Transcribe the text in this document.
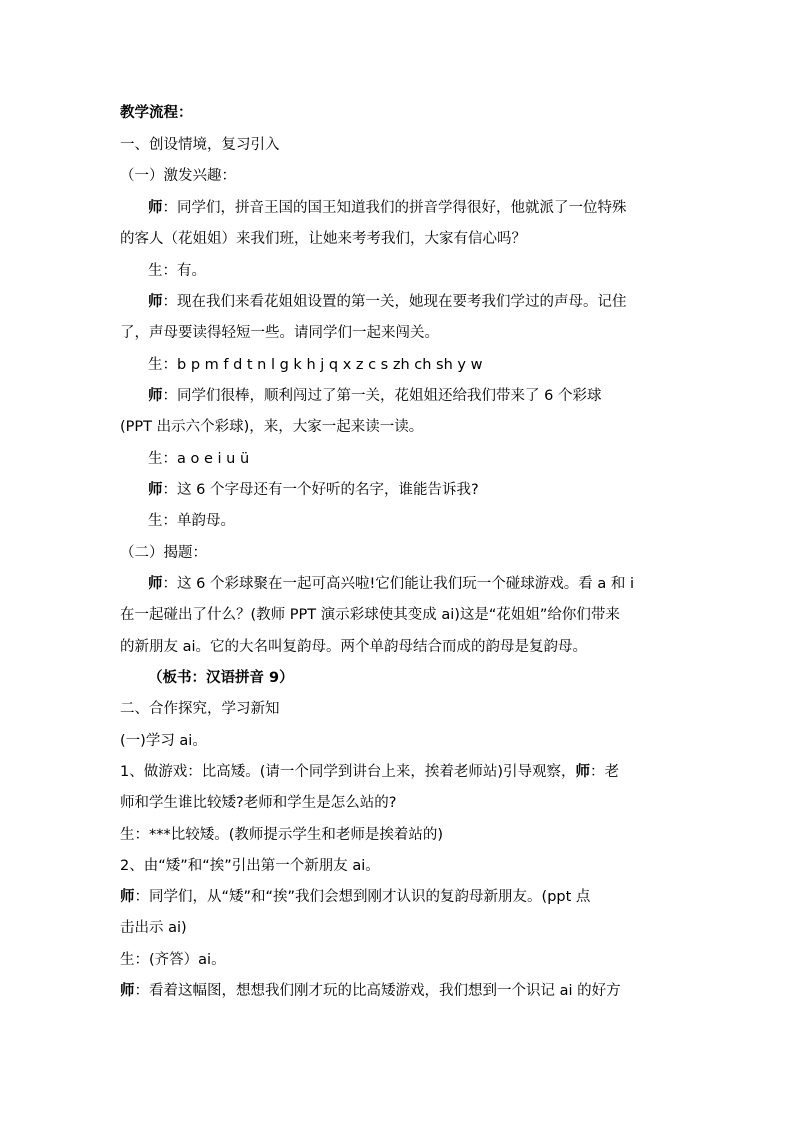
教学流程：
一、创设情境，复习引入
（一）激发兴趣：
师：同学们，拼音王国的国王知道我们的拼音学得很好，他就派了一位特殊
的客人（花姐姐）来我们班，让她来考考我们，大家有信心吗？
生：有。
师：现在我们来看花姐姐设置的第一关，她现在要考我们学过的声母。记住
了，声母要读得轻短一些。请同学们一起来闯关。
生：b p m f d t n l g k h j q x z c s zh ch sh y w
师：同学们很棒，顺利闯过了第一关，花姐姐还给我们带来了 6 个彩球
(PPT 出示六个彩球)，来，大家一起来读一读。
生：a o e i u ü
师：这 6 个字母还有一个好听的名字，谁能告诉我?
生：单韵母。
（二）揭题：
师：这 6 个彩球聚在一起可高兴啦!它们能让我们玩一个碰球游戏。看 a 和 i
在一起碰出了什么？(教师 PPT 演示彩球使其变成 ai)这是“花姐姐”给你们带来
的新朋友 ai。它的大名叫复韵母。两个单韵母结合而成的韵母是复韵母。
（板书：汉语拼音 9）
二、合作探究，学习新知
(一)学习 ai。
1、做游戏：比高矮。(请一个同学到讲台上来，挨着老师站)引导观察，师：老
师和学生谁比较矮?老师和学生是怎么站的?
生：***比较矮。(教师提示学生和老师是挨着站的)
2、由“矮”和“挨”引出第一个新朋友 ai。
师：同学们，从“矮”和“挨”我们会想到刚才认识的复韵母新朋友。(ppt 点
击出示 ai)
生：(齐答）ai。
师：看着这幅图，想想我们刚才玩的比高矮游戏，我们想到一个识记 ai 的好方
